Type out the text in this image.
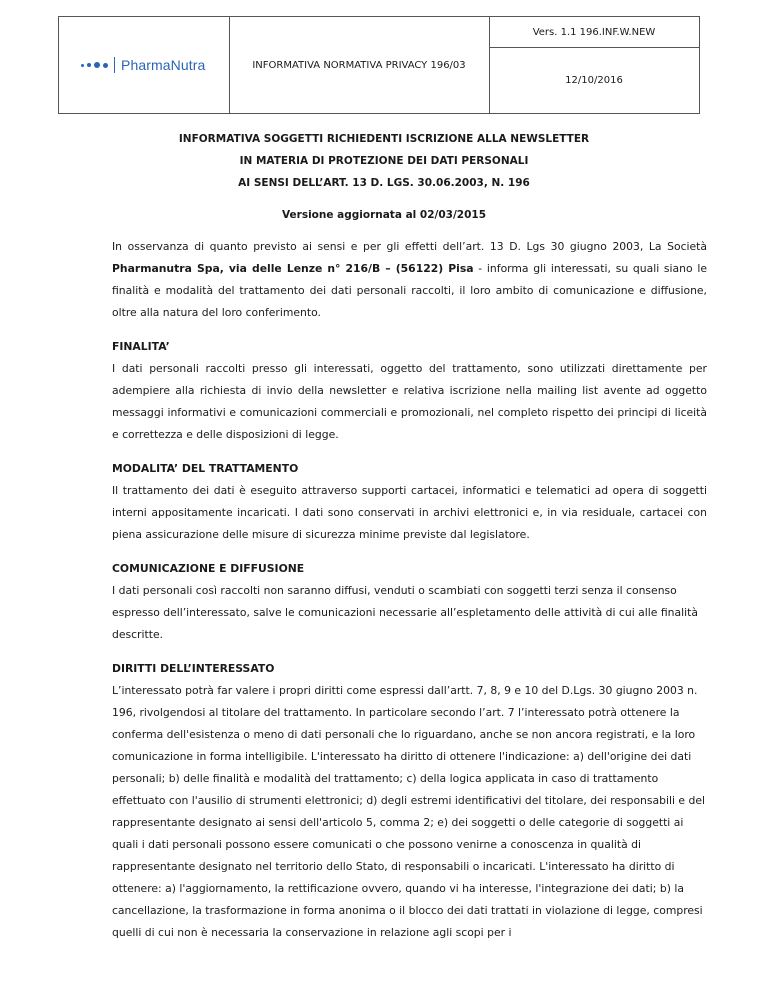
PharmaNutra	INFORMATIVA NORMATIVA PRIVACY 196/03
Vers. 1.1 196.INF.W.NEW
12/10/2016
INFORMATIVA SOGGETTI RICHIEDENTI ISCRIZIONE ALLA NEWSLETTER
IN MATERIA DI PROTEZIONE DEI DATI PERSONALI
AI SENSI DELL’ART. 13 D. LGS. 30.06.2003, N. 196
Versione aggiornata al 02/03/2015

In osservanza di quanto previsto ai sensi e per gli effetti dell’art. 13 D. Lgs 30 giugno 2003, La Società Pharmanutra Spa, via delle Lenze n° 216/B – (56122) Pisa - informa gli interessati, su quali siano le finalità e modalità del trattamento dei dati personali raccolti, il loro ambito di comunicazione e diffusione, oltre alla natura del loro conferimento.

FINALITA’

I dati personali raccolti presso gli interessati, oggetto del trattamento, sono utilizzati direttamente per adempiere alla richiesta di invio della newsletter e relativa iscrizione nella mailing list avente ad oggetto messaggi informativi e comunicazioni commerciali e promozionali, nel completo rispetto dei principi di liceità e correttezza e delle disposizioni di legge.

MODALITA’ DEL TRATTAMENTO

Il trattamento dei dati è eseguito attraverso supporti cartacei, informatici e telematici ad opera di soggetti interni appositamente incaricati. I dati sono conservati in archivi elettronici e, in via residuale, cartacei con piena assicurazione delle misure di sicurezza minime previste dal legislatore.

COMUNICAZIONE E DIFFUSIONE

I dati personali così raccolti non saranno diffusi, venduti o scambiati con soggetti terzi senza il consenso espresso dell’interessato, salve le comunicazioni necessarie all’espletamento delle attività di cui alle finalità descritte.

DIRITTI DELL’INTERESSATO

L’interessato potrà far valere i propri diritti come espressi dall’artt. 7, 8, 9 e 10 del D.Lgs. 30 giugno 2003 n. 196, rivolgendosi al titolare del trattamento. In particolare secondo l’art. 7 l’interessato potrà ottenere la conferma dell'esistenza o meno di dati personali che lo riguardano, anche se non ancora registrati, e la loro comunicazione in forma intelligibile. L'interessato ha diritto di ottenere l'indicazione: a) dell'origine dei dati personali; b) delle finalità e modalità del trattamento; c) della logica applicata in caso di trattamento effettuato con l'ausilio di strumenti elettronici; d) degli estremi identificativi del titolare, dei responsabili e del rappresentante designato ai sensi dell'articolo 5, comma 2; e) dei soggetti o delle categorie di soggetti ai quali i dati personali possono essere comunicati o che possono venirne a conoscenza in qualità di rappresentante designato nel territorio dello Stato, di responsabili o incaricati. L'interessato ha diritto di ottenere: a) l'aggiornamento, la rettificazione ovvero, quando vi ha interesse, l'integrazione dei dati; b) la cancellazione, la trasformazione in forma anonima o il blocco dei dati trattati in violazione di legge, compresi quelli di cui non è necessaria la conservazione in relazione agli scopi per i
